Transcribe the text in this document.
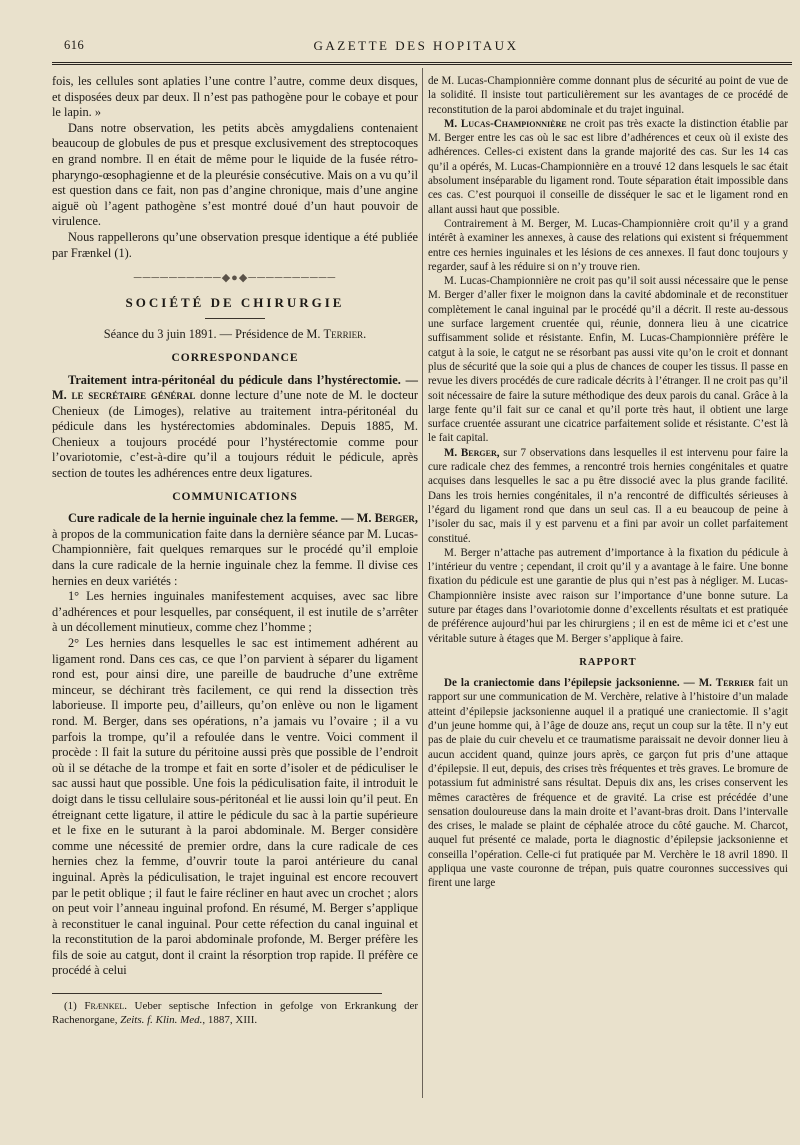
616	GAZETTE DES HOPITAUX

fois, les cellules sont aplaties l’une contre l’autre, comme deux disques, et disposées deux par deux. Il n’est pas pathogène pour le cobaye et pour le lapin. »

Dans notre observation, les petits abcès amygdaliens contenaient beaucoup de globules de pus et presque exclusivement des streptocoques en grand nombre. Il en était de même pour le liquide de la fusée rétro-pharyngo-œsophagienne et de la pleurésie consécutive. Mais on a vu qu’il est question dans ce fait, non pas d’angine chronique, mais d’une angine aiguë où l’agent pathogène s’est montré doué d’un haut pouvoir de virulence.

Nous rappellerons qu’une observation presque identique a été publiée par Frænkel (1).

──────────◆●◆──────────
SOCIÉTÉ DE CHIRURGIE
Séance du 3 juin 1891. — Présidence de M. Terrier.
CORRESPONDANCE

Traitement intra-péritonéal du pédicule dans l’hystérectomie. — M. le secrétaire général donne lecture d’une note de M. le docteur Chenieux (de Limoges), relative au traitement intra-péritonéal du pédicule dans les hystérectomies abdominales. Depuis 1885, M. Chenieux a toujours procédé pour l’hystérectomie comme pour l’ovariotomie, c’est-à-dire qu’il a toujours réduit le pédicule, après section de toutes les adhérences entre deux ligatures.

COMMUNICATIONS

Cure radicale de la hernie inguinale chez la femme. — M. Berger, à propos de la communication faite dans la dernière séance par M. Lucas-Championnière, fait quelques remarques sur le procédé qu’il emploie dans la cure radicale de la hernie inguinale chez la femme. Il divise ces hernies en deux variétés :

1° Les hernies inguinales manifestement acquises, avec sac libre d’adhérences et pour lesquelles, par conséquent, il est inutile de s’arrêter à un décollement minutieux, comme chez l’homme ;

2° Les hernies dans lesquelles le sac est intimement adhérent au ligament rond. Dans ces cas, ce que l’on parvient à séparer du ligament rond est, pour ainsi dire, une pareille de baudruche d’une extrême minceur, se déchirant très facilement, ce qui rend la dissection très laborieuse. Il importe peu, d’ailleurs, qu’on enlève ou non le ligament rond. M. Berger, dans ses opérations, n’a jamais vu l’ovaire ; il a vu parfois la trompe, qu’il a refoulée dans le ventre. Voici comment il procède : Il fait la suture du péritoine aussi près que possible de l’endroit où il se détache de la trompe et fait en sorte d’isoler et de pédiculiser le sac aussi haut que possible. Une fois la pédiculisation faite, il introduit le doigt dans le tissu cellulaire sous-péritonéal et lie aussi loin qu’il peut. En étreignant cette ligature, il attire le pédicule du sac à la partie supérieure et le fixe en le suturant à la paroi abdominale. M. Berger considère comme une nécessité de premier ordre, dans la cure radicale de ces hernies chez la femme, d’ouvrir toute la paroi antérieure du canal inguinal. Après la pédiculisation, le trajet inguinal est encore recouvert par le petit oblique ; il faut le faire récliner en haut avec un crochet ; alors on peut voir l’anneau inguinal profond. En résumé, M. Berger s’applique à reconstituer le canal inguinal. Pour cette réfection du canal inguinal et la reconstitution de la paroi abdominale profonde, M. Berger préfère les fils de soie au catgut, dont il craint la résorption trop rapide. Il préfère ce procédé à celui

(1) Frænkel. Ueber septische Infection in gefolge von Erkrankung der Rachenorgane, Zeits. f. Klin. Med., 1887, XIII.

de M. Lucas-Championnière comme donnant plus de sécurité au point de vue de la solidité. Il insiste tout particulièrement sur les avantages de ce procédé de reconstitution de la paroi abdominale et du trajet inguinal.

M. Lucas-Championnière ne croit pas très exacte la distinction établie par M. Berger entre les cas où le sac est libre d’adhérences et ceux où il existe des adhérences. Celles-ci existent dans la grande majorité des cas. Sur les 14 cas qu’il a opérés, M. Lucas-Championnière en a trouvé 12 dans lesquels le sac était absolument inséparable du ligament rond. Toute séparation était impossible dans ces cas. C’est pourquoi il conseille de disséquer le sac et le ligament rond en allant aussi haut que possible.

Contrairement à M. Berger, M. Lucas-Championnière croit qu’il y a grand intérêt à examiner les annexes, à cause des relations qui existent si fréquemment entre ces hernies inguinales et les lésions de ces annexes. Il faut donc toujours y regarder, sauf à les réduire si on n’y trouve rien.

M. Lucas-Championnière ne croit pas qu’il soit aussi nécessaire que le pense M. Berger d’aller fixer le moignon dans la cavité abdominale et de reconstituer complètement le canal inguinal par le procédé qu’il a décrit. Il reste au-dessous une surface largement cruentée qui, réunie, donnera lieu à une cicatrice suffisamment solide et résistante. Enfin, M. Lucas-Championnière préfère le catgut à la soie, le catgut ne se résorbant pas aussi vite qu’on le croit et donnant plus de sécurité que la soie qui a plus de chances de couper les tissus. Il passe en revue les divers procédés de cure radicale décrits à l’étranger. Il ne croit pas qu’il soit nécessaire de faire la suture méthodique des deux parois du canal. Grâce à la large fente qu’il fait sur ce canal et qu’il porte très haut, il obtient une large surface cruentée assurant une cicatrice parfaitement solide et résistante. C’est là le fait capital.

M. Berger, sur 7 observations dans lesquelles il est intervenu pour faire la cure radicale chez des femmes, a rencontré trois hernies congénitales et quatre acquises dans lesquelles le sac a pu être dissocié avec la plus grande facilité. Dans les trois hernies congénitales, il n’a rencontré de difficultés sérieuses à l’égard du ligament rond que dans un seul cas. Il a eu beaucoup de peine à l’isoler du sac, mais il y est parvenu et a fini par avoir un collet parfaitement constitué.

M. Berger n’attache pas autrement d’importance à la fixation du pédicule à l’intérieur du ventre ; cependant, il croit qu’il y a avantage à le faire. Une bonne fixation du pédicule est une garantie de plus qui n’est pas à négliger. M. Lucas-Championnière insiste avec raison sur l’importance d’une bonne suture. La suture par étages dans l’ovariotomie donne d’excellents résultats et est pratiquée de préférence aujourd’hui par les chirurgiens ; il en est de même ici et c’est une véritable suture à étages que M. Berger s’applique à faire.

RAPPORT

De la craniectomie dans l’épilepsie jacksonienne. — M. Terrier fait un rapport sur une communication de M. Verchère, relative à l’histoire d’un malade atteint d’épilepsie jacksonienne auquel il a pratiqué une craniectomie. Il s’agit d’un jeune homme qui, à l’âge de douze ans, reçut un coup sur la tête. Il n’y eut pas de plaie du cuir chevelu et ce traumatisme paraissait ne devoir donner lieu à aucun accident quand, quinze jours après, ce garçon fut pris d’une attaque d’épilepsie. Il eut, depuis, des crises très fréquentes et très graves. Le bromure de potassium fut administré sans résultat. Depuis dix ans, les crises conservent les mêmes caractères de fréquence et de gravité. La crise est précédée d’une sensation douloureuse dans la main droite et l’avant-bras droit. Dans l’intervalle des crises, le malade se plaint de céphalée atroce du côté gauche. M. Charcot, auquel fut présenté ce malade, porta le diagnostic d’épilepsie jacksonienne et conseilla l’opération. Celle-ci fut pratiquée par M. Verchère le 18 avril 1890. Il appliqua une vaste couronne de trépan, puis quatre couronnes successives qui firent une large
